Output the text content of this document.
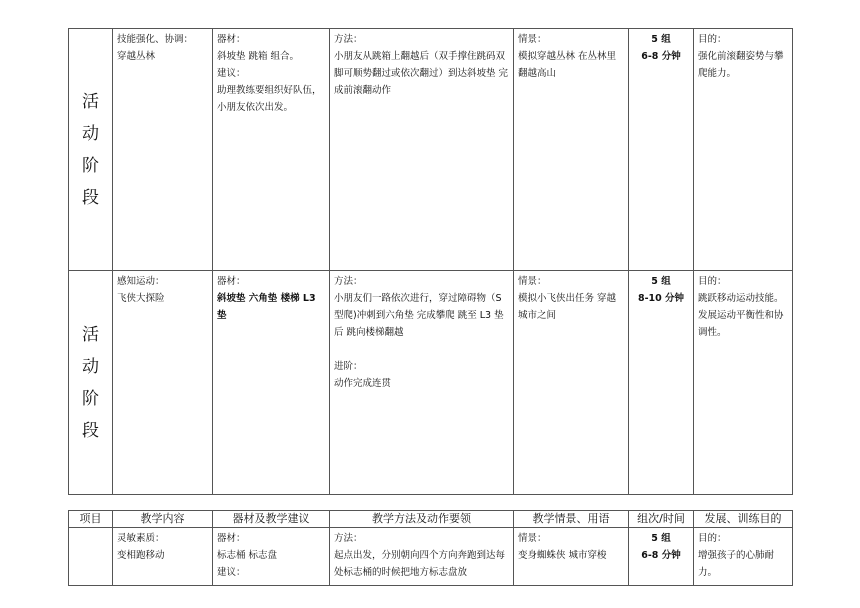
活
动
阶
段	技能强化、协调：
穿越丛林	器材：
斜坡垫 跳箱 组合。
建议：
助理教练要组织好队伍，小朋友依次出发。	方法：
小朋友从跳箱上翻越后（双手撑住跳码双脚可顺势翻过或依次翻过）到达斜坡垫 完成前滚翻动作	情景：
模拟穿越丛林 在丛林里翻越高山	5 组
6-8 分钟	目的：
强化前滚翻姿势与攀爬能力。

活
动
阶
段	感知运动：
飞侠大探险	器材：
斜坡垫 六角垫 楼梯 L3 垫	方法：
小朋友们一路依次进行，穿过障碍物（S 型爬)冲刺到六角垫 完成攀爬 跳至 L3 垫后 跳向楼梯翻越
进阶：
动作完成连贯	情景：
模拟小飞侠出任务 穿越城市之间	5 组
8-10 分钟	目的：
跳跃移动运动技能。
发展运动平衡性和协调性。
项目	教学内容	器材及教学建议	教学方法及动作要领	教学情景、用语	组次/时间	发展、训练目的

	灵敏素质：
变相跑移动	器材：
标志桶 标志盘
建议：	方法：
起点出发，分别朝向四个方向奔跑到达每处标志桶的时候把地方标志盘放	情景：
变身蜘蛛侠 城市穿梭	5 组
6-8 分钟	目的：
增强孩子的心肺耐力。
